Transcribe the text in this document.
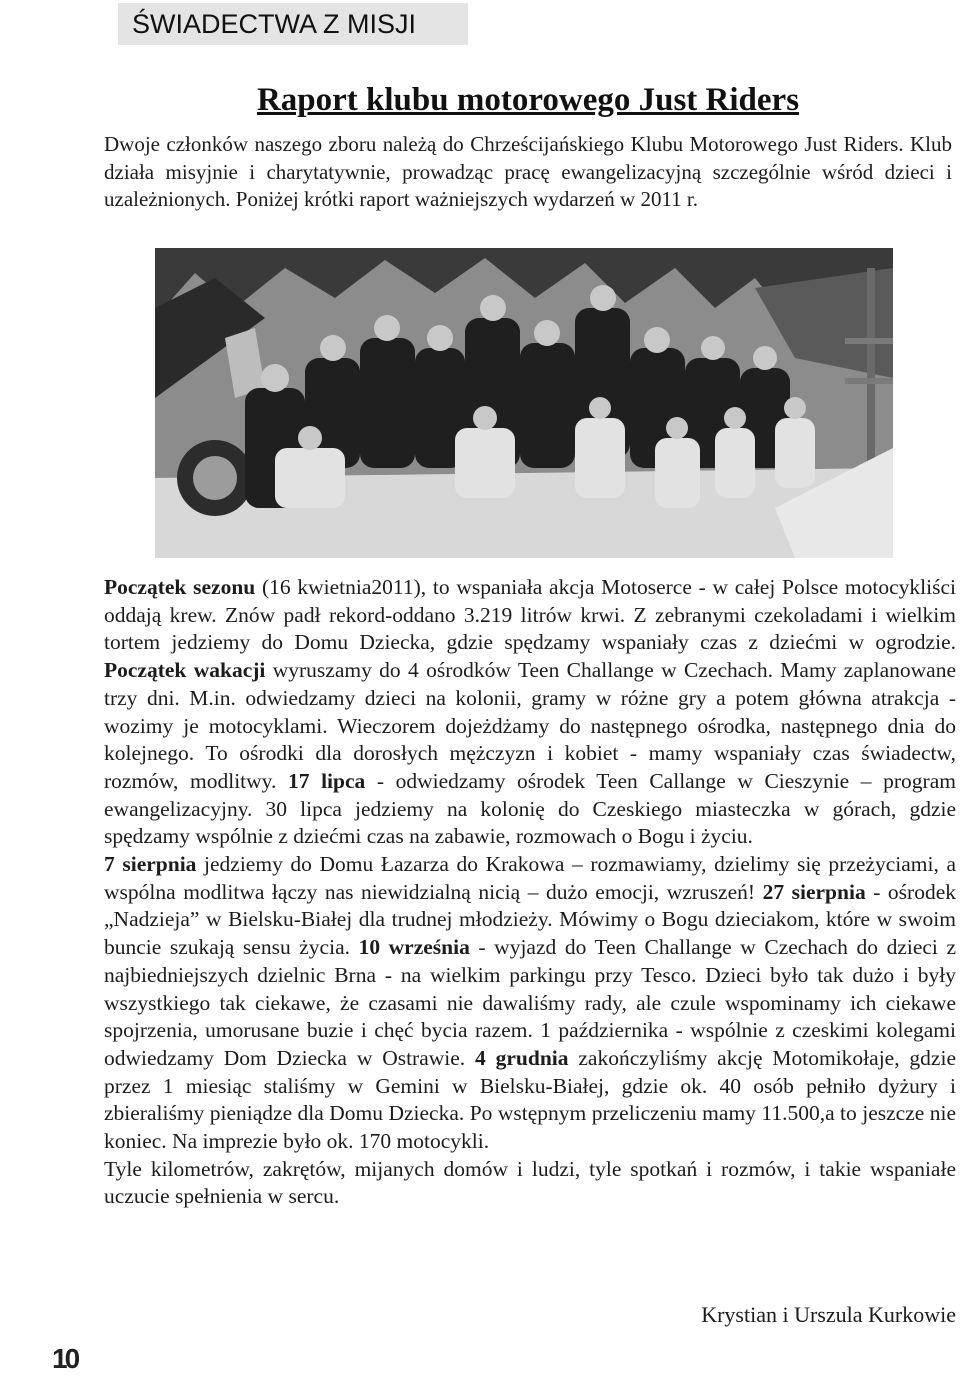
ŚWIADECTWA Z MISJI
Raport klubu motorowego Just Riders
Dwoje członków naszego zboru należą do Chrześcijańskiego Klubu Motorowego Just Riders. Klub działa misyjnie i charytatywnie, prowadząc pracę ewangelizacyjną szczególnie wśród dzieci i uzależnionych. Poniżej krótki raport ważniejszych wydarzeń w 2011 r.

Początek sezonu (16 kwietnia2011), to wspaniała akcja Motoserce - w całej Polsce motocykliści oddają krew. Znów padł rekord-oddano 3.219 litrów krwi. Z zebranymi czekoladami i wielkim tortem jedziemy do Domu Dziecka, gdzie spędzamy wspaniały czas z dziećmi w ogrodzie. Początek wakacji wyruszamy do 4 ośrodków Teen Challange w Czechach. Mamy zaplanowane trzy dni. M.in. odwiedzamy dzieci na kolonii, gramy w różne gry a potem główna atrakcja - wozimy je motocyklami. Wieczorem dojeżdżamy do następnego ośrodka, następnego dnia do kolejnego. To ośrodki dla dorosłych mężczyzn i kobiet - mamy wspaniały czas świadectw, rozmów, modlitwy. 17 lipca - odwiedzamy ośrodek Teen Callange w Cieszynie – program ewangelizacyjny. 30 lipca jedziemy na kolonię do Czeskiego miasteczka w górach, gdzie spędzamy wspólnie z dziećmi czas na zabawie, rozmowach o Bogu i życiu.

7 sierpnia jedziemy do Domu Łazarza do Krakowa – rozmawiamy, dzielimy się przeżyciami, a wspólna modlitwa łączy nas niewidzialną nicią – dużo emocji, wzruszeń! 27 sierpnia - ośrodek „Nadzieja” w Bielsku-Białej dla trudnej młodzieży. Mówimy o Bogu dzieciakom, które w swoim buncie szukają sensu życia. 10 września - wyjazd do Teen Challange w Czechach do dzieci z najbiedniejszych dzielnic Brna - na wielkim parkingu przy Tesco. Dzieci było tak dużo i były wszystkiego tak ciekawe, że czasami nie dawaliśmy rady, ale czule wspominamy ich ciekawe spojrzenia, umorusane buzie i chęć bycia razem. 1 października - wspólnie z czeskimi kolegami odwiedzamy Dom Dziecka w Ostrawie. 4 grudnia zakończyliśmy akcję Motomikołaje, gdzie przez 1 miesiąc staliśmy w Gemini w Bielsku-Białej, gdzie ok. 40 osób pełniło dyżury i zbieraliśmy pieniądze dla Domu Dziecka. Po wstępnym przeliczeniu mamy 11.500,a to jeszcze nie koniec. Na imprezie było ok. 170 motocykli.

Tyle kilometrów, zakrętów, mijanych domów i ludzi, tyle spotkań i rozmów, i takie wspaniałe uczucie spełnienia w sercu.

Krystian i Urszula Kurkowie
10
